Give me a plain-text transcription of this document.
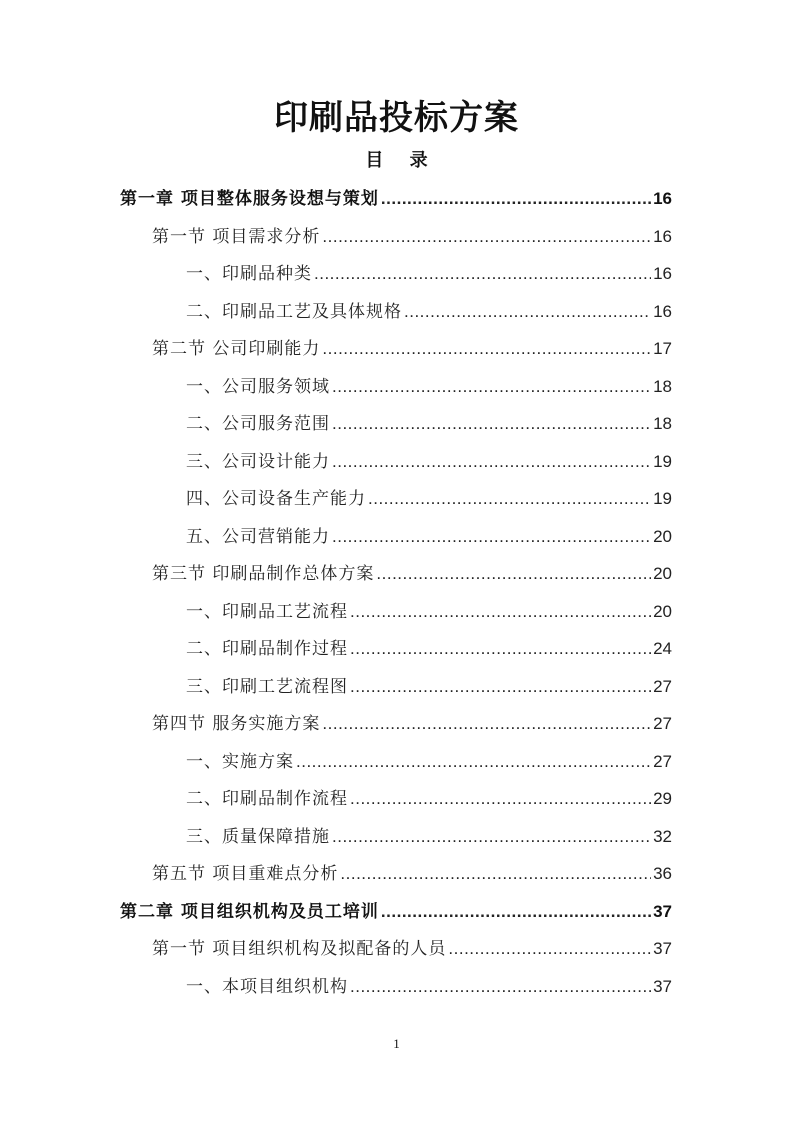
印刷品投标方案
目 录
第一章 项目整体服务设想与策划 .....	16
第一节 项目需求分析 .....	16
一、印刷品种类 .....	16
二、印刷品工艺及具体规格 .....	16
第二节 公司印刷能力 .....	17
一、公司服务领域 .....	18
二、公司服务范围 .....	18
三、公司设计能力 .....	19
四、公司设备生产能力 .....	19
五、公司营销能力 .....	20
第三节 印刷品制作总体方案 .....	20
一、印刷品工艺流程 .....	20
二、印刷品制作过程 .....	24
三、印刷工艺流程图 .....	27
第四节 服务实施方案 .....	27
一、实施方案 .....	27
二、印刷品制作流程 .....	29
三、质量保障措施 .....	32
第五节 项目重难点分析 .....	36
第二章 项目组织机构及员工培训 .....	37
第一节 项目组织机构及拟配备的人员 .....	37
一、本项目组织机构 .....	37
1
